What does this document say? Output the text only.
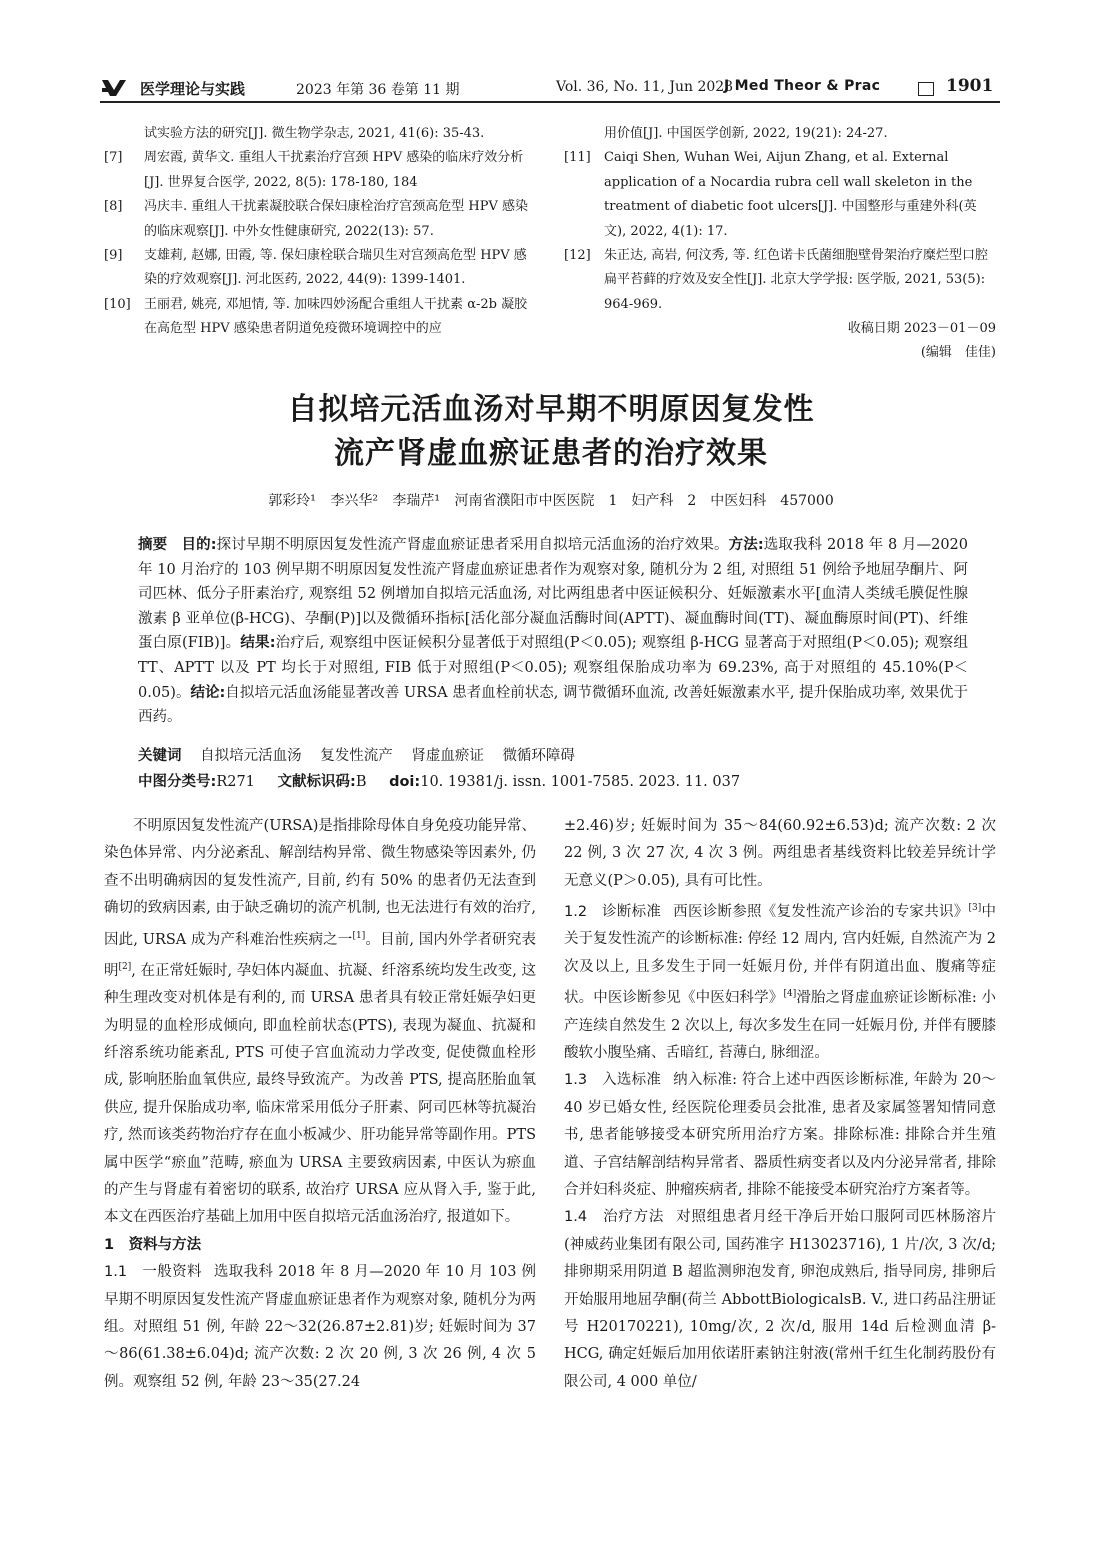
医学理论与实践	2023 年第 36 卷第 11 期	Vol. 36, No. 11, Jun 2023
J Med Theor & Prac	1901
试实验方法的研究[J]. 微生物学杂志, 2021, 41(6): 35-43.
[7] 周宏霞, 黄华文. 重组人干扰素治疗宫颈 HPV 感染的临床疗效分析[J]. 世界复合医学, 2022, 8(5): 178-180, 184
[8] 冯庆丰. 重组人干扰素凝胶联合保妇康栓治疗宫颈高危型 HPV 感染的临床观察[J]. 中外女性健康研究, 2022(13): 57.
[9] 支雄莉, 赵娜, 田霞, 等. 保妇康栓联合瑞贝生对宫颈高危型 HPV 感染的疗效观察[J]. 河北医药, 2022, 44(9): 1399-1401.
[10] 王丽君, 姚亮, 邓旭情, 等. 加味四妙汤配合重组人干扰素 α-2b 凝胶在高危型 HPV 感染患者阴道免疫微环境调控中的应
用价值[J]. 中国医学创新, 2022, 19(21): 24-27.
[11] Caiqi Shen, Wuhan Wei, Aijun Zhang, et al. External application of a Nocardia rubra cell wall skeleton in the treatment of diabetic foot ulcers[J]. 中国整形与重建外科(英文), 2022, 4(1): 17.
[12] 朱正达, 高岩, 何汶秀, 等. 红色诺卡氏菌细胞壁骨架治疗糜烂型口腔扁平苔藓的疗效及安全性[J]. 北京大学学报: 医学版, 2021, 53(5): 964-969.
收稿日期 2023－01－09
(编辑　佳佳)
自拟培元活血汤对早期不明原因复发性
流产肾虚血瘀证患者的治疗效果
郭彩玲¹ 李兴华² 李瑞芹¹ 河南省濮阳市中医医院　1　妇产科　2　中医妇科　457000
摘要 目的:探讨早期不明原因复发性流产肾虚血瘀证患者采用自拟培元活血汤的治疗效果。方法:选取我科 2018 年 8 月—2020 年 10 月治疗的 103 例早期不明原因复发性流产肾虚血瘀证患者作为观察对象, 随机分为 2 组, 对照组 51 例给予地屈孕酮片、阿司匹林、低分子肝素治疗, 观察组 52 例增加自拟培元活血汤, 对比两组患者中医证候积分、妊娠激素水平[血清人类绒毛膜促性腺激素 β 亚单位(β-HCG)、孕酮(P)]以及微循环指标[活化部分凝血活酶时间(APTT)、凝血酶时间(TT)、凝血酶原时间(PT)、纤维蛋白原(FIB)]。结果:治疗后, 观察组中医证候积分显著低于对照组(P＜0.05); 观察组 β-HCG 显著高于对照组(P＜0.05); 观察组 TT、APTT 以及 PT 均长于对照组, FIB 低于对照组(P＜0.05); 观察组保胎成功率为 69.23%, 高于对照组的 45.10%(P＜0.05)。结论:自拟培元活血汤能显著改善 URSA 患者血栓前状态, 调节微循环血流, 改善妊娠激素水平, 提升保胎成功率, 效果优于西药。
关键词 自拟培元活血汤 复发性流产 肾虚血瘀证 微循环障碍
中图分类号:R271 文献标识码:B doi:10. 19381/j. issn. 1001-7585. 2023. 11. 037

不明原因复发性流产(URSA)是指排除母体自身免疫功能异常、染色体异常、内分泌紊乱、解剖结构异常、微生物感染等因素外, 仍查不出明确病因的复发性流产, 目前, 约有 50% 的患者仍无法查到确切的致病因素, 由于缺乏确切的流产机制, 也无法进行有效的治疗, 因此, URSA 成为产科难治性疾病之一[1]。目前, 国内外学者研究表明[2], 在正常妊娠时, 孕妇体内凝血、抗凝、纤溶系统均发生改变, 这种生理改变对机体是有利的, 而 URSA 患者具有较正常妊娠孕妇更为明显的血栓形成倾向, 即血栓前状态(PTS), 表现为凝血、抗凝和纤溶系统功能紊乱, PTS 可使子宫血流动力学改变, 促使微血栓形成, 影响胚胎血氧供应, 最终导致流产。为改善 PTS, 提高胚胎血氧供应, 提升保胎成功率, 临床常采用低分子肝素、阿司匹林等抗凝治疗, 然而该类药物治疗存在血小板减少、肝功能异常等副作用。PTS 属中医学“瘀血”范畴, 瘀血为 URSA 主要致病因素, 中医认为瘀血的产生与肾虚有着密切的联系, 故治疗 URSA 应从肾入手, 鉴于此, 本文在西医治疗基础上加用中医自拟培元活血汤治疗, 报道如下。

1　资料与方法

1.1　一般资料 选取我科 2018 年 8 月—2020 年 10 月 103 例早期不明原因复发性流产肾虚血瘀证患者作为观察对象, 随机分为两组。对照组 51 例, 年龄 22～32(26.87±2.81)岁; 妊娠时间为 37～86(61.38±6.04)d; 流产次数: 2 次 20 例, 3 次 26 例, 4 次 5 例。观察组 52 例, 年龄 23～35(27.24

±2.46)岁; 妊娠时间为 35～84(60.92±6.53)d; 流产次数: 2 次 22 例, 3 次 27 次, 4 次 3 例。两组患者基线资料比较差异统计学无意义(P＞0.05), 具有可比性。

1.2　诊断标准 西医诊断参照《复发性流产诊治的专家共识》[3]中关于复发性流产的诊断标准: 停经 12 周内, 宫内妊娠, 自然流产为 2 次及以上, 且多发生于同一妊娠月份, 并伴有阴道出血、腹痛等症状。中医诊断参见《中医妇科学》[4]滑胎之肾虚血瘀证诊断标准: 小产连续自然发生 2 次以上, 每次多发生在同一妊娠月份, 并伴有腰膝酸软小腹坠痛、舌暗红, 苔薄白, 脉细涩。

1.3　入选标准 纳入标准: 符合上述中西医诊断标准, 年龄为 20～40 岁已婚女性, 经医院伦理委员会批准, 患者及家属签署知情同意书, 患者能够接受本研究所用治疗方案。排除标准: 排除合并生殖道、子宫结解剖结构异常者、器质性病变者以及内分泌异常者, 排除合并妇科炎症、肿瘤疾病者, 排除不能接受本研究治疗方案者等。

1.4　治疗方法 对照组患者月经干净后开始口服阿司匹林肠溶片(神威药业集团有限公司, 国药准字 H13023716), 1 片/次, 3 次/d; 排卵期采用阴道 B 超监测卵泡发育, 卵泡成熟后, 指导同房, 排卵后开始服用地屈孕酮(荷兰 AbbottBiologicalsB. V., 进口药品注册证号 H20170221), 10mg/次, 2 次/d, 服用 14d 后检测血清 β-HCG, 确定妊娠后加用依诺肝素钠注射液(常州千红生化制药股份有限公司, 4 000 单位/
